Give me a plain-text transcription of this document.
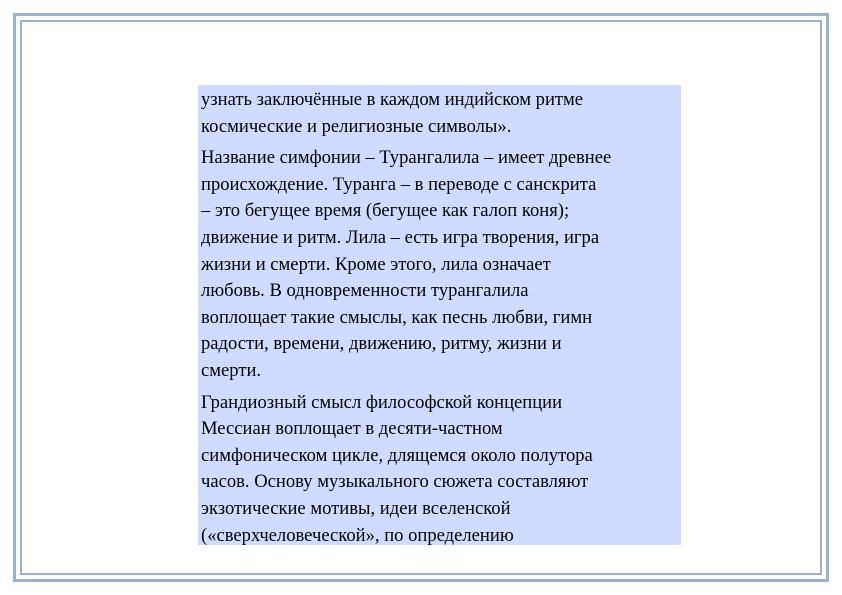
узнать заключённые в каждом индийском ритме
космические и религиозные символы».

Название симфонии – Турангалила – имеет древнее
происхождение. Туранга – в переводе с санскрита
– это бегущее время (бегущее как галоп коня);
движение и ритм. Лила – есть игра творения, игра
жизни и смерти. Кроме этого, лила означает
любовь. В одновременности турангалила
воплощает такие смыслы, как песнь любви, гимн
радости, времени, движению, ритму, жизни и
смерти.

Грандиозный смысл философской концепции
Мессиан воплощает в десяти-частном
симфоническом цикле, длящемся около полутора
часов. Основу музыкального сюжета составляют
экзотические мотивы, идеи вселенской
(«сверхчеловеческой», по определению
